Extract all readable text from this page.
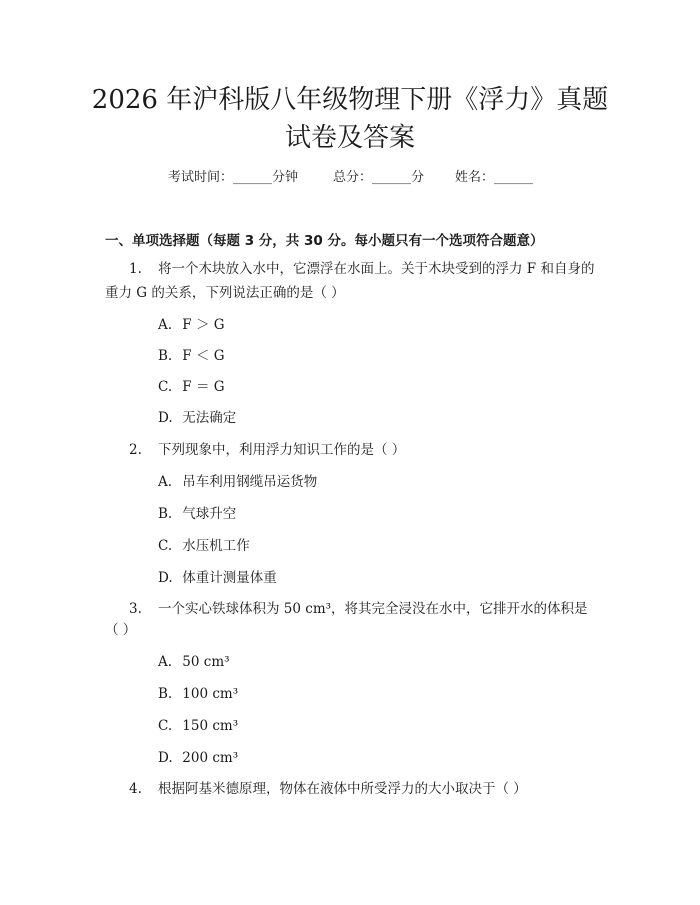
2026 年沪科版八年级物理下册《浮力》真题
试卷及答案
考试时间：______分钟	总分：______分 姓名：______
一、单项选择题（每题 3 分，共 30 分。每小题只有一个选项符合题意）
1. 将一个木块放入水中，它漂浮在水面上。关于木块受到的浮力 F 和自身的
重力 G 的关系，下列说法正确的是（ ）
A. F ＞ G
B. F ＜ G
C. F ＝ G
D. 无法确定
2. 下列现象中，利用浮力知识工作的是（ ）
A. 吊车利用钢缆吊运货物
B. 气球升空
C. 水压机工作
D. 体重计测量体重
3. 一个实心铁球体积为 50 cm³，将其完全浸没在水中，它排开水的体积是
（ ）
A. 50 cm³
B. 100 cm³
C. 150 cm³
D. 200 cm³
4. 根据阿基米德原理，物体在液体中所受浮力的大小取决于（ ）
